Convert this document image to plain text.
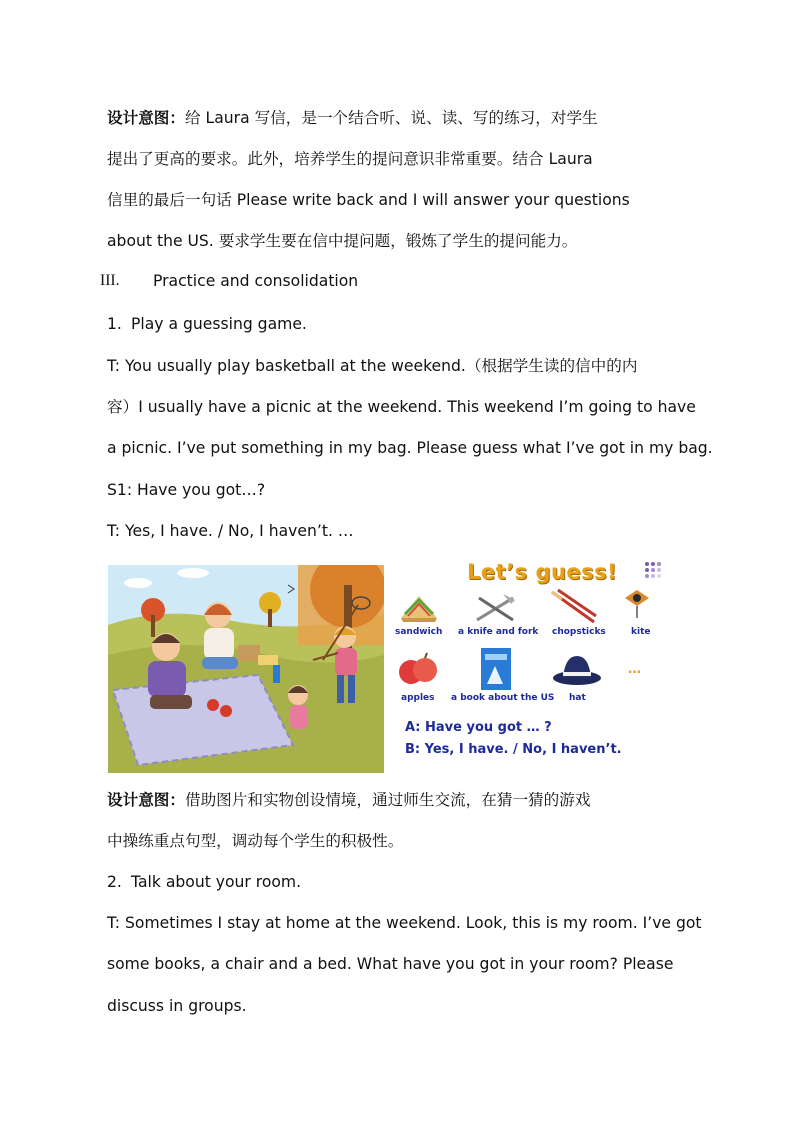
设计意图：给 Laura 写信，是一个结合听、说、读、写的练习，对学生
提出了更高的要求。此外，培养学生的提问意识非常重要。结合 Laura
信里的最后一句话 Please write back and I will answer your questions
about the US. 要求学生要在信中提问题，锻炼了学生的提问能力。
III. Practice and consolidation
1. Play a guessing game.
T: You usually play basketball at the weekend.（根据学生读的信中的内
容）I usually have a picnic at the weekend. This weekend I’m going to have
a picnic. I’ve put something in my bag. Please guess what I’ve got in my bag.
S1: Have you got…?
T: Yes, I have. / No, I haven’t. …
Let’s guess!
sandwich a knife and fork chopsticks	kite
apples a book about the US hat
…
A: Have you got … ?
B: Yes, I have. / No, I haven’t.
设计意图：借助图片和实物创设情境，通过师生交流，在猜一猜的游戏
中操练重点句型，调动每个学生的积极性。
2. Talk about your room.
T: Sometimes I stay at home at the weekend. Look, this is my room. I’ve got
some books, a chair and a bed. What have you got in your room? Please
discuss in groups.
